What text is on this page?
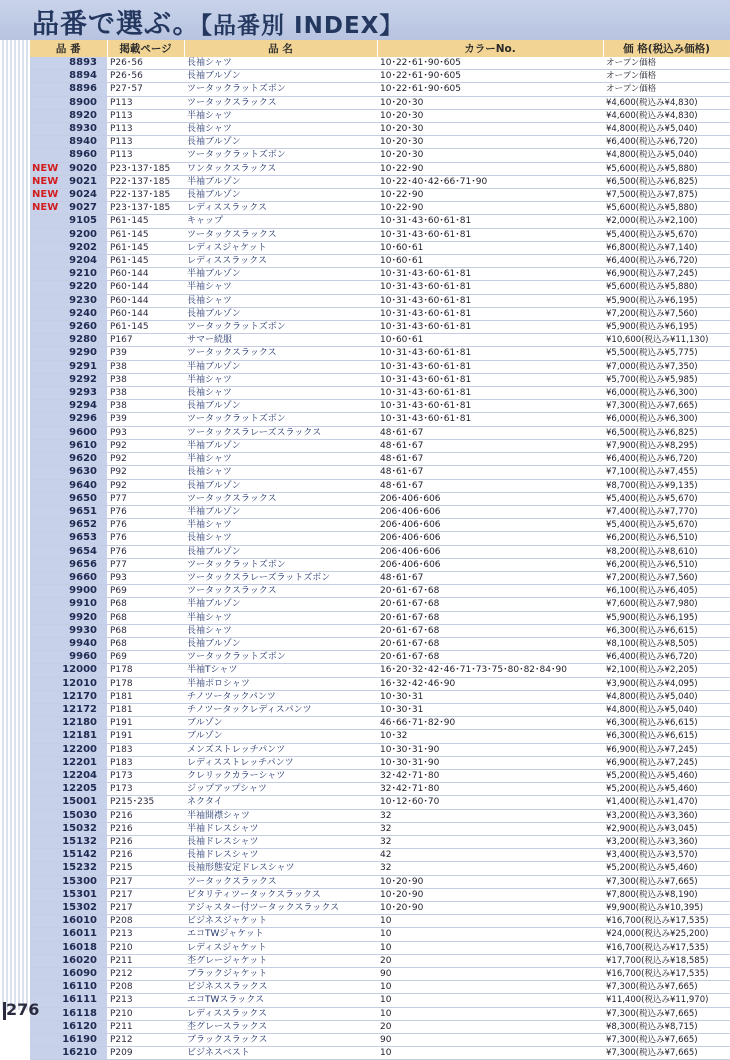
品番で選ぶ。【品番別 INDEX】
品 番	掲載ページ	品 名	カラーNo.	価 格(税込み価格)
8893	P26･56	長袖シャツ	10･22･61･90･605	オープン価格
8894	P26･56	長袖ブルゾン	10･22･61･90･605	オープン価格
8896	P27･57	ツータックラットズボン	10･22･61･90･605	オープン価格
8900	P113	ツータックスラックス	10･20･30	¥4,600(税込み¥4,830)
8920	P113	半袖シャツ	10･20･30	¥4,600(税込み¥4,830)
8930	P113	長袖シャツ	10･20･30	¥4,800(税込み¥5,040)
8940	P113	長袖ブルゾン	10･20･30	¥6,400(税込み¥6,720)
8960	P113	ツータックラットズボン	10･20･30	¥4,800(税込み¥5,040)

NEW 9020	P23･137･185	ワンタックスラックス	10･22･90	¥5,600(税込み¥5,880)

NEW 9021	P22･137･185	半袖ブルゾン	10･22･40･42･66･71･90	¥6,500(税込み¥6,825)

NEW 9024	P22･137･185	長袖ブルゾン	10･22･90	¥7,500(税込み¥7,875)

NEW 9027	P23･137･185	レディススラックス	10･22･90	¥5,600(税込み¥5,880)
9105	P61･145	キャップ	10･31･43･60･61･81	¥2,000(税込み¥2,100)
9200	P61･145	ツータックスラックス	10･31･43･60･61･81	¥5,400(税込み¥5,670)
9202	P61･145	レディスジャケット	10･60･61	¥6,800(税込み¥7,140)
9204	P61･145	レディススラックス	10･60･61	¥6,400(税込み¥6,720)
9210	P60･144	半袖ブルゾン	10･31･43･60･61･81	¥6,900(税込み¥7,245)
9220	P60･144	半袖シャツ	10･31･43･60･61･81	¥5,600(税込み¥5,880)
9230	P60･144	長袖シャツ	10･31･43･60･61･81	¥5,900(税込み¥6,195)
9240	P60･144	長袖ブルゾン	10･31･43･60･61･81	¥7,200(税込み¥7,560)
9260	P61･145	ツータックラットズボン	10･31･43･60･61･81	¥5,900(税込み¥6,195)
9280	P167	サマー続服	10･60･61	¥10,600(税込み¥11,130)
9290	P39	ツータックスラックス	10･31･43･60･61･81	¥5,500(税込み¥5,775)
9291	P38	半袖ブルゾン	10･31･43･60･61･81	¥7,000(税込み¥7,350)
9292	P38	半袖シャツ	10･31･43･60･61･81	¥5,700(税込み¥5,985)
9293	P38	長袖シャツ	10･31･43･60･61･81	¥6,000(税込み¥6,300)
9294	P38	長袖ブルゾン	10･31･43･60･61･81	¥7,300(税込み¥7,665)
9296	P39	ツータックラットズボン	10･31･43･60･61･81	¥6,000(税込み¥6,300)
9600	P93	ツータックスラレーズスラックス	48･61･67	¥6,500(税込み¥6,825)
9610	P92	半袖ブルゾン	48･61･67	¥7,900(税込み¥8,295)
9620	P92	半袖シャツ	48･61･67	¥6,400(税込み¥6,720)
9630	P92	長袖シャツ	48･61･67	¥7,100(税込み¥7,455)
9640	P92	長袖ブルゾン	48･61･67	¥8,700(税込み¥9,135)
9650	P77	ツータックスラックス	206･406･606	¥5,400(税込み¥5,670)
9651	P76	半袖ブルゾン	206･406･606	¥7,400(税込み¥7,770)
9652	P76	半袖シャツ	206･406･606	¥5,400(税込み¥5,670)
9653	P76	長袖シャツ	206･406･606	¥6,200(税込み¥6,510)
9654	P76	長袖ブルゾン	206･406･606	¥8,200(税込み¥8,610)
9656	P77	ツータックラットズボン	206･406･606	¥6,200(税込み¥6,510)
9660	P93	ツータックスラレーズラットズボン	48･61･67	¥7,200(税込み¥7,560)
9900	P69	ツータックスラックス	20･61･67･68	¥6,100(税込み¥6,405)
9910	P68	半袖ブルゾン	20･61･67･68	¥7,600(税込み¥7,980)
9920	P68	半袖シャツ	20･61･67･68	¥5,900(税込み¥6,195)
9930	P68	長袖シャツ	20･61･67･68	¥6,300(税込み¥6,615)
9940	P68	長袖ブルゾン	20･61･67･68	¥8,100(税込み¥8,505)
9960	P69	ツータックラットズボン	20･61･67･68	¥6,400(税込み¥6,720)
12000	P178	半袖Tシャツ	16･20･32･42･46･71･73･75･80･82･84･90	¥2,100(税込み¥2,205)
12010	P178	半袖ポロシャツ	16･32･42･46･90	¥3,900(税込み¥4,095)
12170	P181	チノツータックパンツ	10･30･31	¥4,800(税込み¥5,040)
12172	P181	チノツータックレディスパンツ	10･30･31	¥4,800(税込み¥5,040)
12180	P191	ブルゾン	46･66･71･82･90	¥6,300(税込み¥6,615)
12181	P191	ブルゾン	10･32	¥6,300(税込み¥6,615)
12200	P183	メンズストレッチパンツ	10･30･31･90	¥6,900(税込み¥7,245)
12201	P183	レディスストレッチパンツ	10･30･31･90	¥6,900(税込み¥7,245)
12204	P173	クレリックカラーシャツ	32･42･71･80	¥5,200(税込み¥5,460)
12205	P173	ジップアップシャツ	32･42･71･80	¥5,200(税込み¥5,460)
15001	P215･235	ネクタイ	10･12･60･70	¥1,400(税込み¥1,470)
15030	P216	半袖開襟シャツ	32	¥3,200(税込み¥3,360)
15032	P216	半袖ドレスシャツ	32	¥2,900(税込み¥3,045)
15132	P216	長袖ドレスシャツ	32	¥3,200(税込み¥3,360)
15142	P216	長袖ドレスシャツ	42	¥3,400(税込み¥3,570)
15232	P215	長袖形態安定ドレスシャツ	32	¥5,200(税込み¥5,460)
15300	P217	ツータックスラックス	10･20･90	¥7,300(税込み¥7,665)
15301	P217	ビタリティツータックスラックス	10･20･90	¥7,800(税込み¥8,190)
15302	P217	アジャスター付ツータックスラックス	10･20･90	¥9,900(税込み¥10,395)
16010	P208	ビジネスジャケット	10	¥16,700(税込み¥17,535)
16011	P213	エコTWジャケット	10	¥24,000(税込み¥25,200)
16018	P210	レディスジャケット	10	¥16,700(税込み¥17,535)
16020	P211	杢グレージャケット	20	¥17,700(税込み¥18,585)
16090	P212	ブラックジャケット	90	¥16,700(税込み¥17,535)
16110	P208	ビジネススラックス	10	¥7,300(税込み¥7,665)
16111	P213	エコTWスラックス	10	¥11,400(税込み¥11,970)
16118	P210	レディススラックス	10	¥7,300(税込み¥7,665)
16120	P211	杢グレースラックス	20	¥8,300(税込み¥8,715)
16190	P212	ブラックスラックス	90	¥7,300(税込み¥7,665)
16210	P209	ビジネスベスト	10	¥7,300(税込み¥7,665)
276
